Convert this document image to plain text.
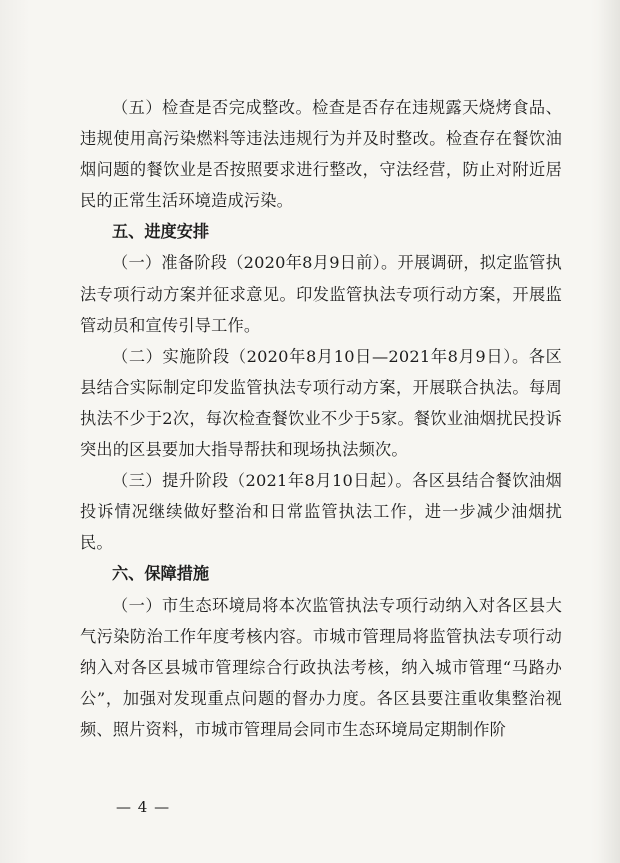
（五）检查是否完成整改。检查是否存在违规露天烧烤食品、违规使用高污染燃料等违法违规行为并及时整改。检查存在餐饮油烟问题的餐饮业是否按照要求进行整改，守法经营，防止对附近居民的正常生活环境造成污染。

五、进度安排

（一）准备阶段（2020年8月9日前）。开展调研，拟定监管执法专项行动方案并征求意见。印发监管执法专项行动方案，开展监管动员和宣传引导工作。

（二）实施阶段（2020年8月10日—2021年8月9日）。各区县结合实际制定印发监管执法专项行动方案，开展联合执法。每周执法不少于2次，每次检查餐饮业不少于5家。餐饮业油烟扰民投诉突出的区县要加大指导帮扶和现场执法频次。

（三）提升阶段（2021年8月10日起）。各区县结合餐饮油烟投诉情况继续做好整治和日常监管执法工作，进一步减少油烟扰民。

六、保障措施

（一）市生态环境局将本次监管执法专项行动纳入对各区县大气污染防治工作年度考核内容。市城市管理局将监管执法专项行动纳入对各区县城市管理综合行政执法考核，纳入城市管理“马路办公”，加强对发现重点问题的督办力度。各区县要注重收集整治视频、照片资料，市城市管理局会同市生态环境局定期制作阶

— 4 —
